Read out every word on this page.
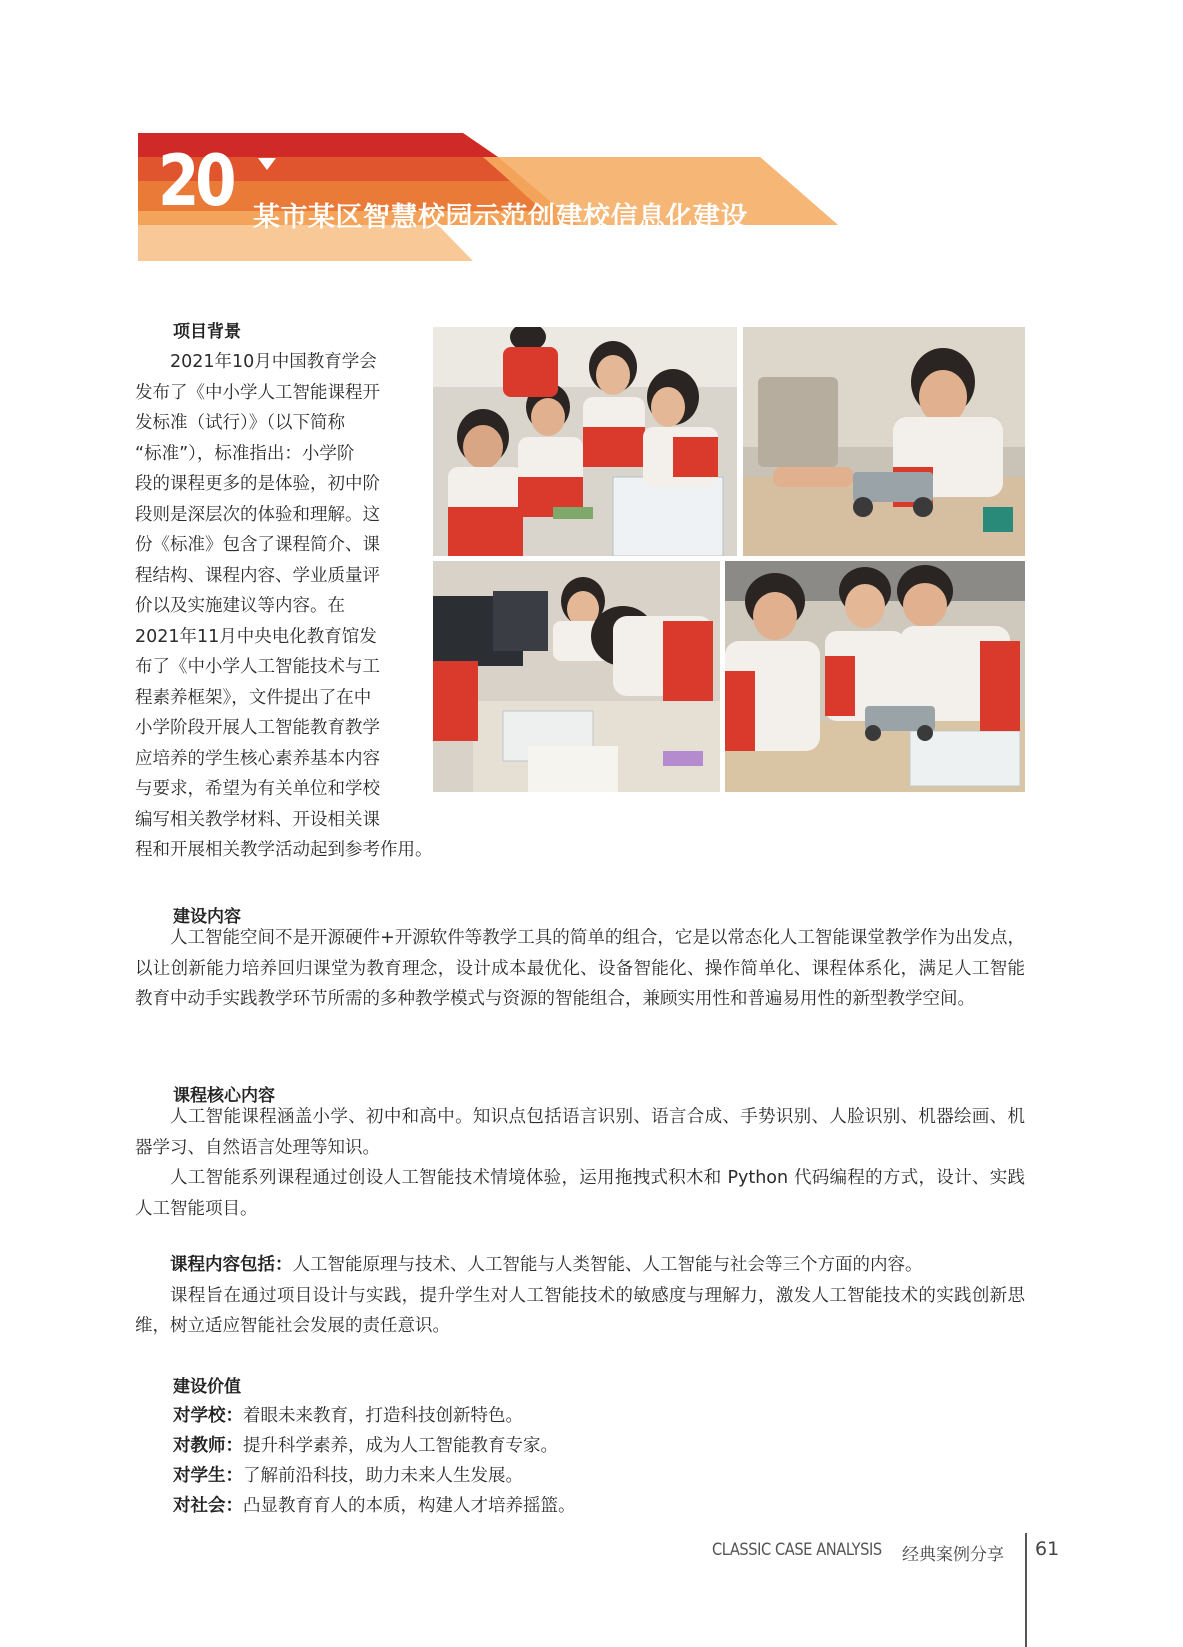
20 某市某区智慧校园示范创建校信息化建设
项目背景
2021年10月中国教育学会
发布了《中小学人工智能课程开
发标准（试行）》（以下简称
“标准”），标准指出：小学阶
段的课程更多的是体验，初中阶
段则是深层次的体验和理解。这
份《标准》包含了课程简介、课
程结构、课程内容、学业质量评
价以及实施建议等内容。在
2021年11月中央电化教育馆发
布了《中小学人工智能技术与工
程素养框架》，文件提出了在中
小学阶段开展人工智能教育教学
应培养的学生核心素养基本内容
与要求，希望为有关单位和学校
编写相关教学材料、开设相关课
程和开展相关教学活动起到参考作用。
建设内容

人工智能空间不是开源硬件+开源软件等教学工具的简单的组合，它是以常态化人工智能课堂教学作为出发点，以让创新能力培养回归课堂为教育理念，设计成本最优化、设备智能化、操作简单化、课程体系化，满足人工智能教育中动手实践教学环节所需的多种教学模式与资源的智能组合，兼顾实用性和普遍易用性的新型教学空间。

课程核心内容

人工智能课程涵盖小学、初中和高中。知识点包括语言识别、语言合成、手势识别、人脸识别、机器绘画、机器学习、自然语言处理等知识。

人工智能系列课程通过创设人工智能技术情境体验，运用拖拽式积木和 Python 代码编程的方式，设计、实践人工智能项目。

课程内容包括：人工智能原理与技术、人工智能与人类智能、人工智能与社会等三个方面的内容。

课程旨在通过项目设计与实践，提升学生对人工智能技术的敏感度与理解力，激发人工智能技术的实践创新思维，树立适应智能社会发展的责任意识。

建设价值
对学校：着眼未来教育，打造科技创新特色。
对教师：提升科学素养，成为人工智能教育专家。
对学生：了解前沿科技，助力未来人生发展。
对社会：凸显教育育人的本质，构建人才培养摇篮。
CLASSIC CASE ANALYSIS	经典案例分享 61
